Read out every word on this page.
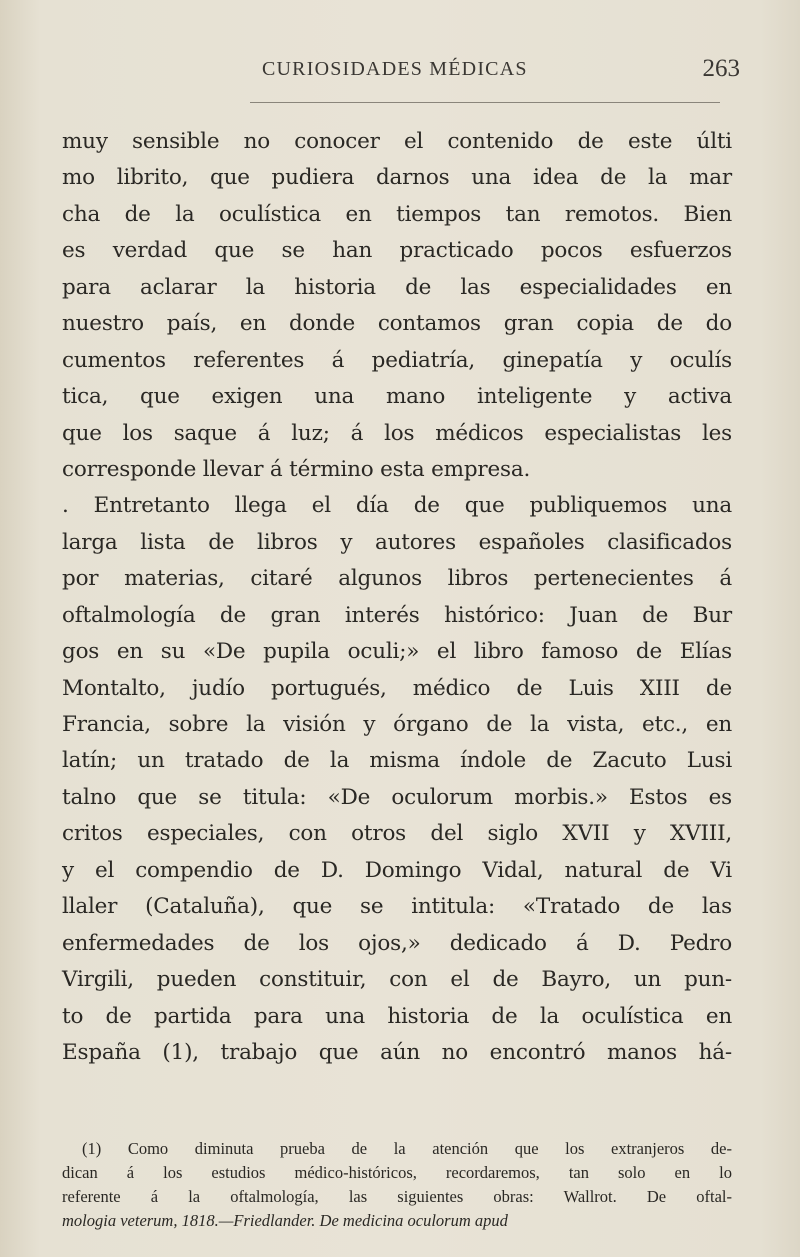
CURIOSIDADES MÉDICAS	263
muy sensible no conocer el contenido de este últi
mo librito, que pudiera darnos una idea de la mar
cha de la oculística en tiempos tan remotos. Bien
es verdad que se han practicado pocos esfuerzos
para aclarar la historia de las especialidades en
nuestro país, en donde contamos gran copia de do
cumentos referentes á pediatría, ginepatía y oculís
tica, que exigen una mano inteligente y activa
que los saque á luz; á los médicos especialistas les
corresponde llevar á término esta empresa.
. Entretanto llega el día de que publiquemos una
larga lista de libros y autores españoles clasificados
por materias, citaré algunos libros pertenecientes á
oftalmología de gran interés histórico: Juan de Bur
gos en su «De pupila oculi;» el libro famoso de Elías
Montalto, judío portugués, médico de Luis XIII de
Francia, sobre la visión y órgano de la vista, etc., en
latín; un tratado de la misma índole de Zacuto Lusi
talno que se titula: «De oculorum morbis.» Estos es
critos especiales, con otros del siglo XVII y XVIII,
y el compendio de D. Domingo Vidal, natural de Vi
llaler (Cataluña), que se intitula: «Tratado de las
enfermedades de los ojos,» dedicado á D. Pedro
Virgili, pueden constituir, con el de Bayro, un pun-
to de partida para una historia de la oculística en
España (1), trabajo que aún no encontró manos há-
(1) Como diminuta prueba de la atención que los extranjeros de-
dican á los estudios médico-históricos, recordaremos, tan solo en lo
referente á la oftalmología, las siguientes obras: Wallrot. De oftal-
mologia veterum, 1818.—Friedlander. De medicina oculorum apud
